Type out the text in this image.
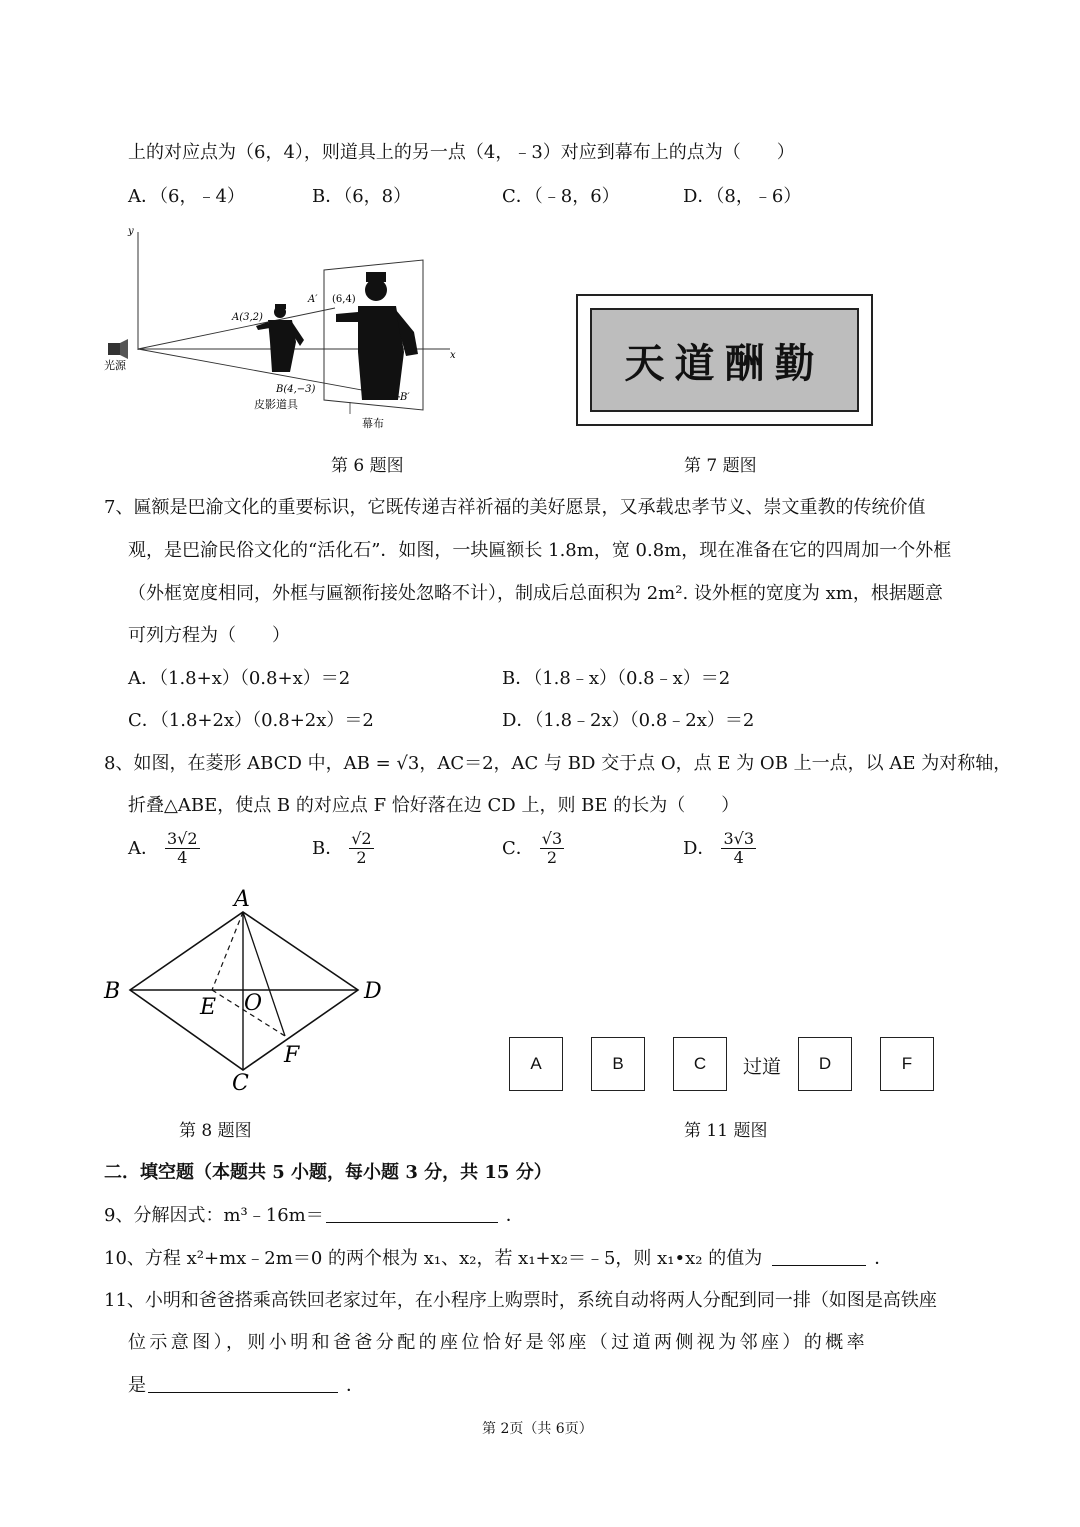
上的对应点为（6，4），则道具上的另一点（4，﹣3）对应到幕布上的点为（　　）
A．（6，﹣4）	B．（6，8）	C．（﹣8，6）	D．（8，﹣6）
y
x
光源
幕布
A(3,2)
B(4,−3)
皮影道具
A′ (6,4)
B′
天道酬勤
第 6 题图	第 7 题图
7、匾额是巴渝文化的重要标识，它既传递吉祥祈福的美好愿景，又承载忠孝节义、崇文重教的传统价值
观，是巴渝民俗文化的“活化石”．如图，一块匾额长 1.8m，宽 0.8m，现在准备在它的四周加一个外框
（外框宽度相同，外框与匾额衔接处忽略不计），制成后总面积为 2m². 设外框的宽度为 xm，根据题意
可列方程为（　　）
A．（1.8+x）（0.8+x）＝2	B．（1.8﹣x）（0.8﹣x）＝2
C．（1.8+2x）（0.8+2x）＝2	D．（1.8﹣2x）（0.8﹣2x）＝2
8、如图，在菱形 ABCD 中，AB = √3，AC＝2，AC 与 BD 交于点 O，点 E 为 OB 上一点，以 AE 为对称轴，
折叠△ABE，使点 B 的对应点 F 恰好落在边 CD 上，则 BE 的长为（　　）
A． $\frac{3√2}{4}$	B． $\frac{√2}{2}$	C． $\frac{√3}{2}$	D． $\frac{3√3}{4}$
A
B	D
C
E O
F	A	B	C	过道	D	F
第 8 题图	第 11 题图
二．填空题（本题共 5 小题，每小题 3 分，共 15 分）
9、分解因式：m³﹣16m＝	．
10、方程 x²+mx﹣2m＝0 的两个根为 x₁、x₂，若 x₁+x₂＝﹣5，则 x₁•x₂ 的值为	．
11、小明和爸爸搭乘高铁回老家过年，在小程序上购票时，系统自动将两人分配到同一排（如图是高铁座
位示意图），则小明和爸爸分配的座位恰好是邻座（过道两侧视为邻座）的概率
是	．
第 2页（共 6页）
